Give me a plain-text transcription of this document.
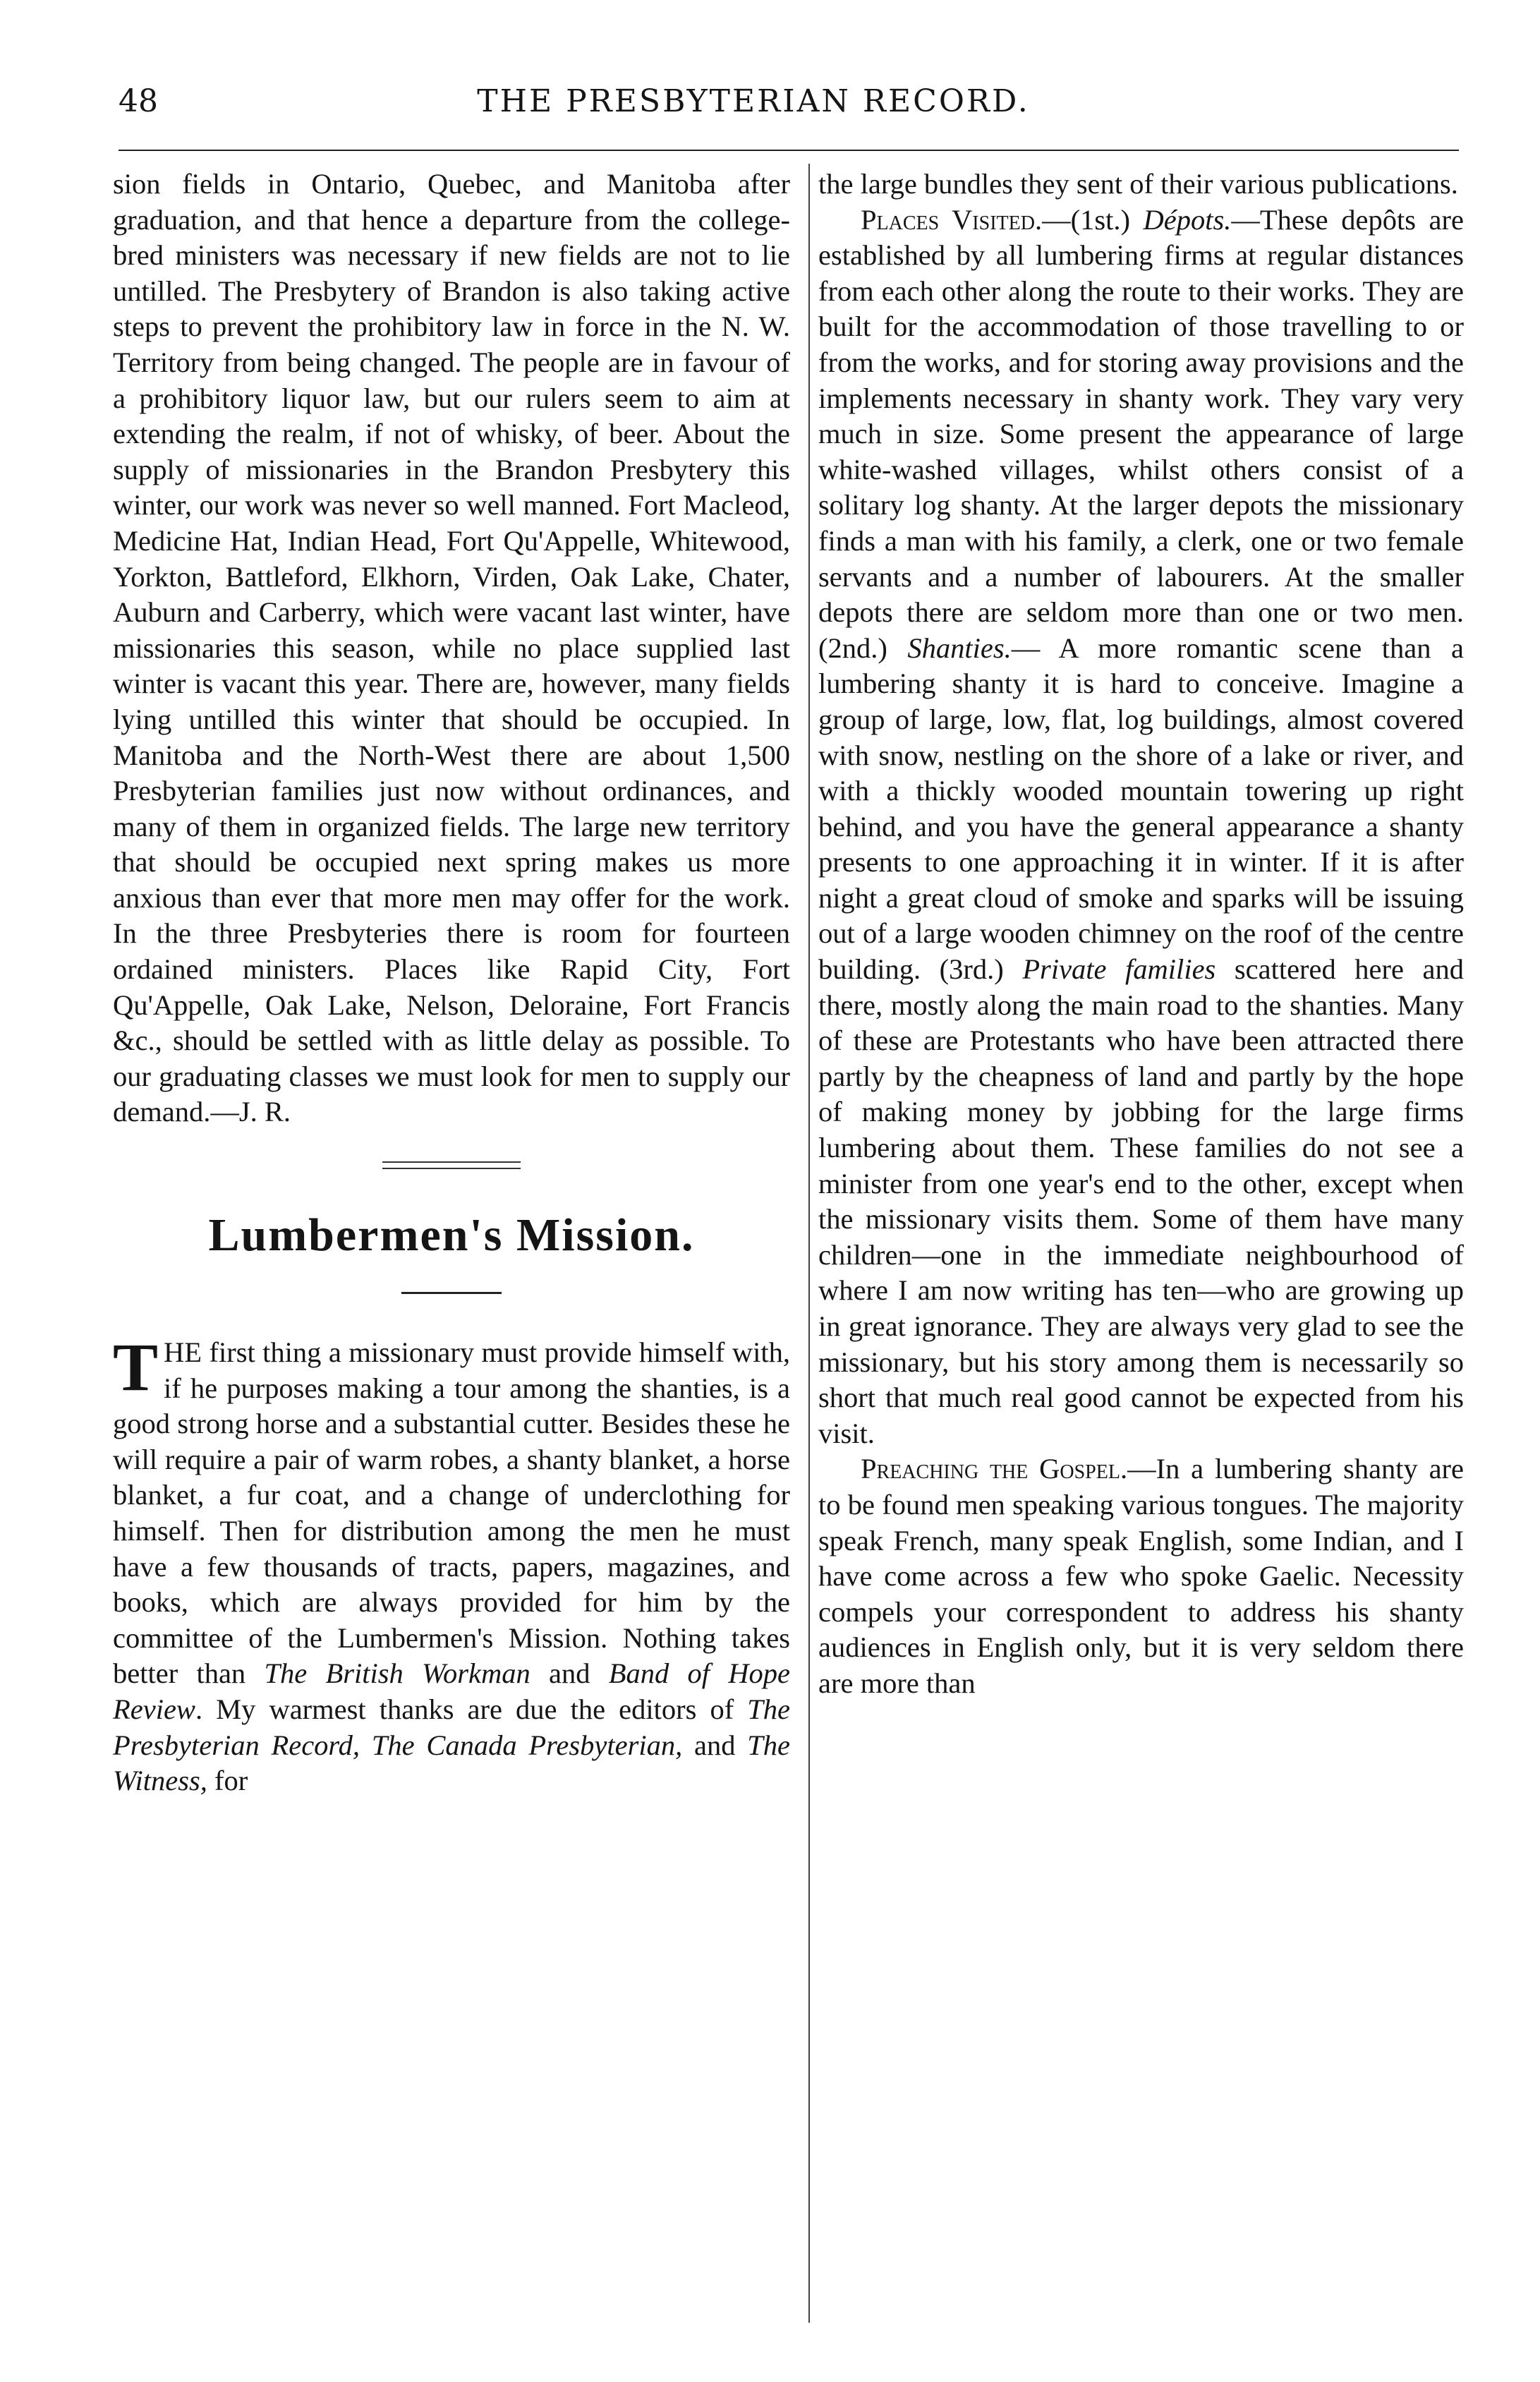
48	THE PRESBYTERIAN RECORD.

sion fields in Ontario, Quebec, and Manitoba after graduation, and that hence a departure from the college-bred ministers was necessary if new fields are not to lie untilled. The Presbytery of Brandon is also taking active steps to prevent the prohibitory law in force in the N. W. Territory from being changed. The people are in favour of a prohibitory liquor law, but our rulers seem to aim at extending the realm, if not of whisky, of beer. About the supply of missionaries in the Brandon Presbytery this winter, our work was never so well manned. Fort Macleod, Medicine Hat, Indian Head, Fort Qu'Appelle, Whitewood, Yorkton, Battleford, Elkhorn, Virden, Oak Lake, Chater, Auburn and Carberry, which were vacant last winter, have missionaries this season, while no place supplied last winter is vacant this year. There are, however, many fields lying untilled this winter that should be occupied. In Manitoba and the North-West there are about 1,500 Presbyterian families just now without ordinances, and many of them in organized fields. The large new territory that should be occupied next spring makes us more anxious than ever that more men may offer for the work. In the three Presbyteries there is room for fourteen ordained ministers. Places like Rapid City, Fort Qu'Appelle, Oak Lake, Nelson, Deloraine, Fort Francis &c., should be settled with as little delay as possible. To our graduating classes we must look for men to supply our demand.—J. R.

Lumbermen's Mission.

THE first thing a missionary must provide himself with, if he purposes making a tour among the shanties, is a good strong horse and a substantial cutter. Besides these he will require a pair of warm robes, a shanty blanket, a horse blanket, a fur coat, and a change of underclothing for himself. Then for distribution among the men he must have a few thousands of tracts, papers, magazines, and books, which are always provided for him by the committee of the Lumbermen's Mission. Nothing takes better than The British Workman and Band of Hope Review. My warmest thanks are due the editors of The Presbyterian Record, The Canada Presbyterian, and The Witness, for

the large bundles they sent of their various publications.

Places Visited.—(1st.) Dépots.—These depôts are established by all lumbering firms at regular distances from each other along the route to their works. They are built for the accommodation of those travelling to or from the works, and for storing away provisions and the implements necessary in shanty work. They vary very much in size. Some present the appearance of large white-washed villages, whilst others consist of a solitary log shanty. At the larger depots the missionary finds a man with his family, a clerk, one or two female servants and a number of labourers. At the smaller depots there are seldom more than one or two men. (2nd.) Shanties.— A more romantic scene than a lumbering shanty it is hard to conceive. Imagine a group of large, low, flat, log buildings, almost covered with snow, nestling on the shore of a lake or river, and with a thickly wooded mountain towering up right behind, and you have the general appearance a shanty presents to one approaching it in winter. If it is after night a great cloud of smoke and sparks will be issuing out of a large wooden chimney on the roof of the centre building. (3rd.) Private families scattered here and there, mostly along the main road to the shanties. Many of these are Protestants who have been attracted there partly by the cheapness of land and partly by the hope of making money by jobbing for the large firms lumbering about them. These families do not see a minister from one year's end to the other, except when the missionary visits them. Some of them have many children—one in the immediate neighbourhood of where I am now writing has ten—who are growing up in great ignorance. They are always very glad to see the missionary, but his story among them is necessarily so short that much real good cannot be expected from his visit.

Preaching the Gospel.—In a lumbering shanty are to be found men speaking various tongues. The majority speak French, many speak English, some Indian, and I have come across a few who spoke Gaelic. Necessity compels your correspondent to address his shanty audiences in English only, but it is very seldom there are more than
